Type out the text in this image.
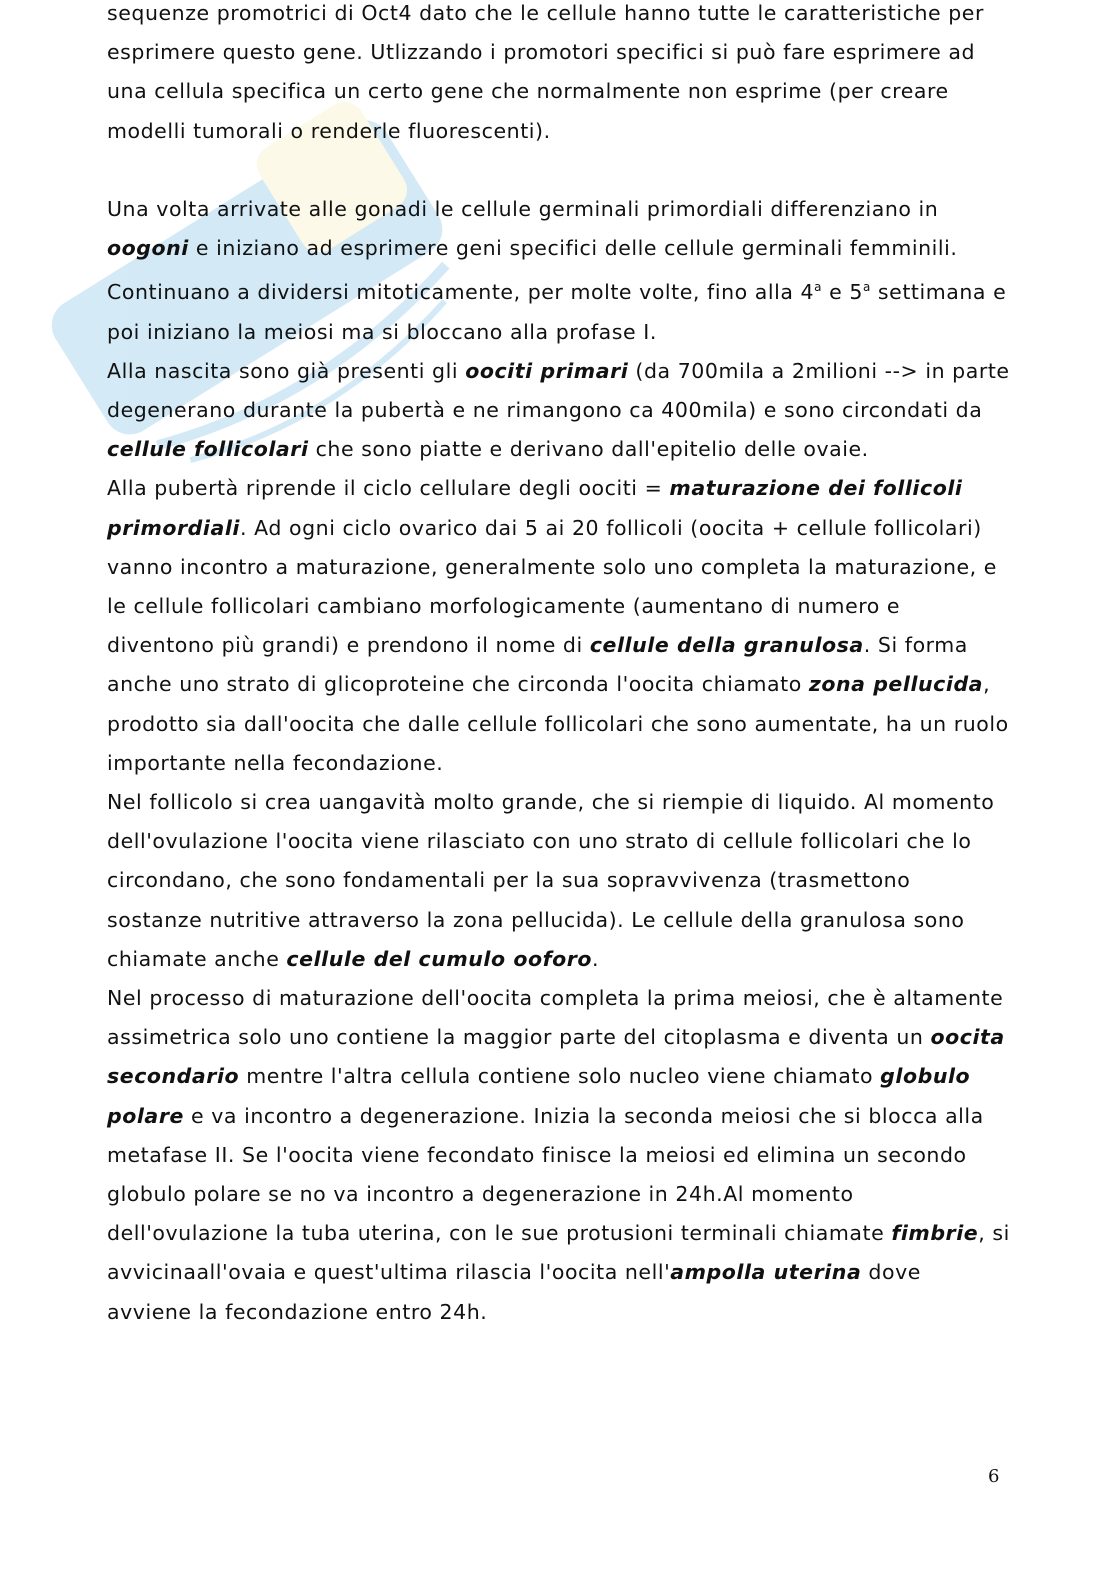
sequenze promotrici di Oct4 dato che le cellule hanno tutte le caratteristiche per esprimere questo gene. Utlizzando i promotori specifici si può fare esprimere ad una cellula specifica un certo gene che normalmente non esprime (per creare modelli tumorali o renderle fluorescenti).

Una volta arrivate alle gonadi le cellule germinali primordiali differenziano in oogoni e iniziano ad esprimere geni specifici delle cellule germinali femminili. Continuano a dividersi mitoticamente, per molte volte, fino alla 4$^a$ e 5$^a$ settimana e poi iniziano la meiosi ma si bloccano alla profase I.

Alla nascita sono già presenti gli oociti primari (da 700mila a 2milioni --> in parte degenerano durante la pubertà e ne rimangono ca 400mila) e sono circondati da cellule follicolari che sono piatte e derivano dall'epitelio delle ovaie.

Alla pubertà riprende il ciclo cellulare degli oociti = maturazione dei follicoli primordiali. Ad ogni ciclo ovarico dai 5 ai 20 follicoli (oocita + cellule follicolari) vanno incontro a maturazione, generalmente solo uno completa la maturazione, e le cellule follicolari cambiano morfologicamente (aumentano di numero e diventono più grandi) e prendono il nome di cellule della granulosa. Si forma anche uno strato di glicoproteine che circonda l'oocita chiamato zona pellucida, prodotto sia dall'oocita che dalle cellule follicolari che sono aumentate, ha un ruolo importante nella fecondazione.

Nel follicolo si crea uangavità molto grande, che si riempie di liquido. Al momento dell'ovulazione l'oocita viene rilasciato con uno strato di cellule follicolari che lo circondano, che sono fondamentali per la sua sopravvivenza (trasmettono sostanze nutritive attraverso la zona pellucida). Le cellule della granulosa sono chiamate anche cellule del cumulo ooforo.

Nel processo di maturazione dell'oocita completa la prima meiosi, che è altamente assimetrica solo uno contiene la maggior parte del citoplasma e diventa un oocita secondario mentre l'altra cellula contiene solo nucleo viene chiamato globulo polare e va incontro a degenerazione. Inizia la seconda meiosi che si blocca alla metafase II. Se l'oocita viene fecondato finisce la meiosi ed elimina un secondo globulo polare se no va incontro a degenerazione in 24h.Al momento dell'ovulazione la tuba uterina, con le sue protusioni terminali chiamate fimbrie, si avvicinaall'ovaia e quest'ultima rilascia l'oocita nell'ampolla uterina dove avviene la fecondazione entro 24h.

6
